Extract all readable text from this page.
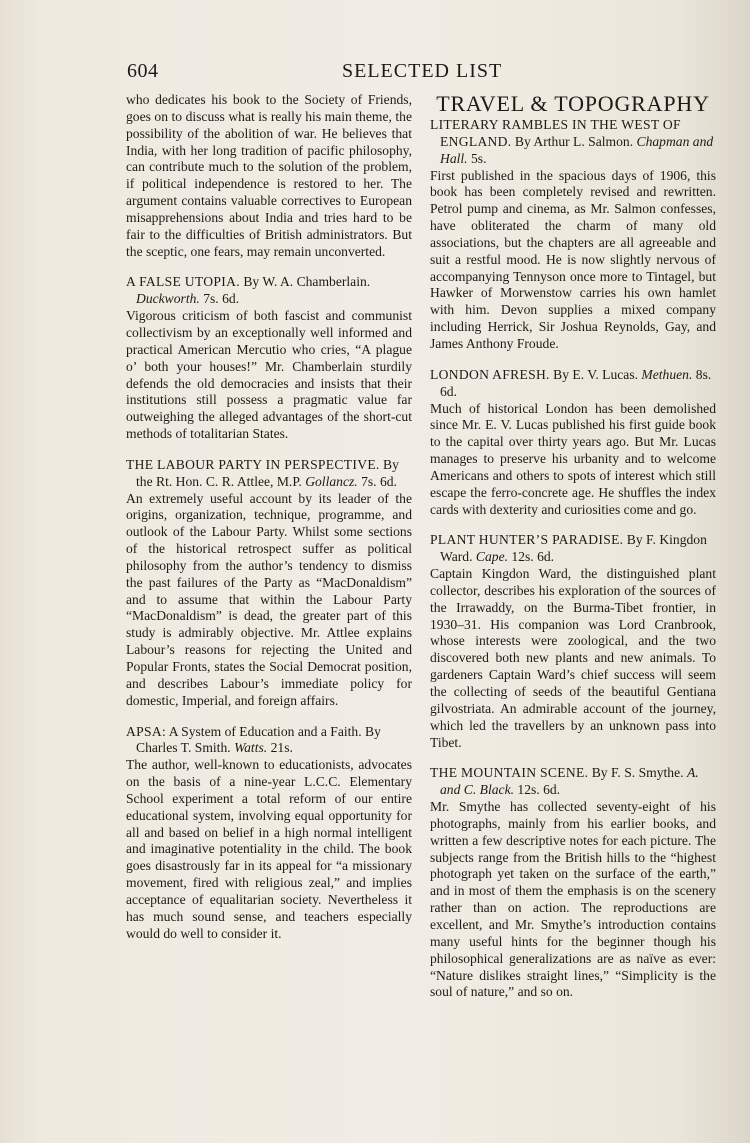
604	SELECTED LIST
who dedicates his book to the Society of Friends, goes on to discuss what is really his main theme, the possibility of the abolition of war. He believes that India, with her long tradition of pacific philosophy, can contribute much to the solution of the problem, if political independence is restored to her. The argument contains valuable correctives to European misapprehensions about India and tries hard to be fair to the difficulties of British administrators. But the sceptic, one fears, may remain unconverted.
A FALSE UTOPIA. By W. A. Chamberlain. Duckworth. 7s. 6d.
Vigorous criticism of both fascist and communist collectivism by an exceptionally well informed and practical American Mercutio who cries, “A plague o’ both your houses!” Mr. Chamberlain sturdily defends the old democracies and insists that their institutions still possess a pragmatic value far outweighing the alleged advantages of the short-cut methods of totalitarian States.
THE LABOUR PARTY IN PERSPECTIVE. By the Rt. Hon. C. R. Attlee, M.P. Gollancz. 7s. 6d.
An extremely useful account by its leader of the origins, organization, technique, programme, and outlook of the Labour Party. Whilst some sections of the historical retrospect suffer as political philosophy from the author’s tendency to dismiss the past failures of the Party as “MacDonaldism” and to assume that within the Labour Party “MacDonaldism” is dead, the greater part of this study is admirably objective. Mr. Attlee explains Labour’s reasons for rejecting the United and Popular Fronts, states the Social Democrat position, and describes Labour’s immediate policy for domestic, Imperial, and foreign affairs.
APSA: A System of Education and a Faith. By Charles T. Smith. Watts. 21s.
The author, well-known to educationists, advocates on the basis of a nine-year L.C.C. Elementary School experiment a total reform of our entire educational system, involving equal opportunity for all and based on belief in a high normal intelligent and imaginative potentiality in the child. The book goes disastrously far in its appeal for “a missionary movement, fired with religious zeal,” and implies acceptance of equalitarian society. Nevertheless it has much sound sense, and teachers especially would do well to consider it.
TRAVEL & TOPOGRAPHY
LITERARY RAMBLES IN THE WEST OF ENGLAND. By Arthur L. Salmon. Chapman and Hall. 5s.
First published in the spacious days of 1906, this book has been completely revised and rewritten. Petrol pump and cinema, as Mr. Salmon confesses, have obliterated the charm of many old associations, but the chapters are all agreeable and suit a restful mood. He is now slightly nervous of accompanying Tennyson once more to Tintagel, but Hawker of Morwenstow carries his own hamlet with him. Devon supplies a mixed company including Herrick, Sir Joshua Reynolds, Gay, and James Anthony Froude.
LONDON AFRESH. By E. V. Lucas. Methuen. 8s. 6d.
Much of historical London has been demolished since Mr. E. V. Lucas published his first guide book to the capital over thirty years ago. But Mr. Lucas manages to preserve his urbanity and to welcome Americans and others to spots of interest which still escape the ferro-concrete age. He shuffles the index cards with dexterity and curiosities come and go.
PLANT HUNTER’S PARADISE. By F. Kingdon Ward. Cape. 12s. 6d.
Captain Kingdon Ward, the distinguished plant collector, describes his exploration of the sources of the Irrawaddy, on the Burma-Tibet frontier, in 1930–31. His companion was Lord Cranbrook, whose interests were zoological, and the two discovered both new plants and new animals. To gardeners Captain Ward’s chief success will seem the collecting of seeds of the beautiful Gentiana gilvostriata. An admirable account of the journey, which led the travellers by an unknown pass into Tibet.
THE MOUNTAIN SCENE. By F. S. Smythe. A. and C. Black. 12s. 6d.
Mr. Smythe has collected seventy-eight of his photographs, mainly from his earlier books, and written a few descriptive notes for each picture. The subjects range from the British hills to the “highest photograph yet taken on the surface of the earth,” and in most of them the emphasis is on the scenery rather than on action. The reproductions are excellent, and Mr. Smythe’s introduction contains many useful hints for the beginner though his philosophical generalizations are as naïve as ever: “Nature dislikes straight lines,” “Simplicity is the soul of nature,” and so on.
